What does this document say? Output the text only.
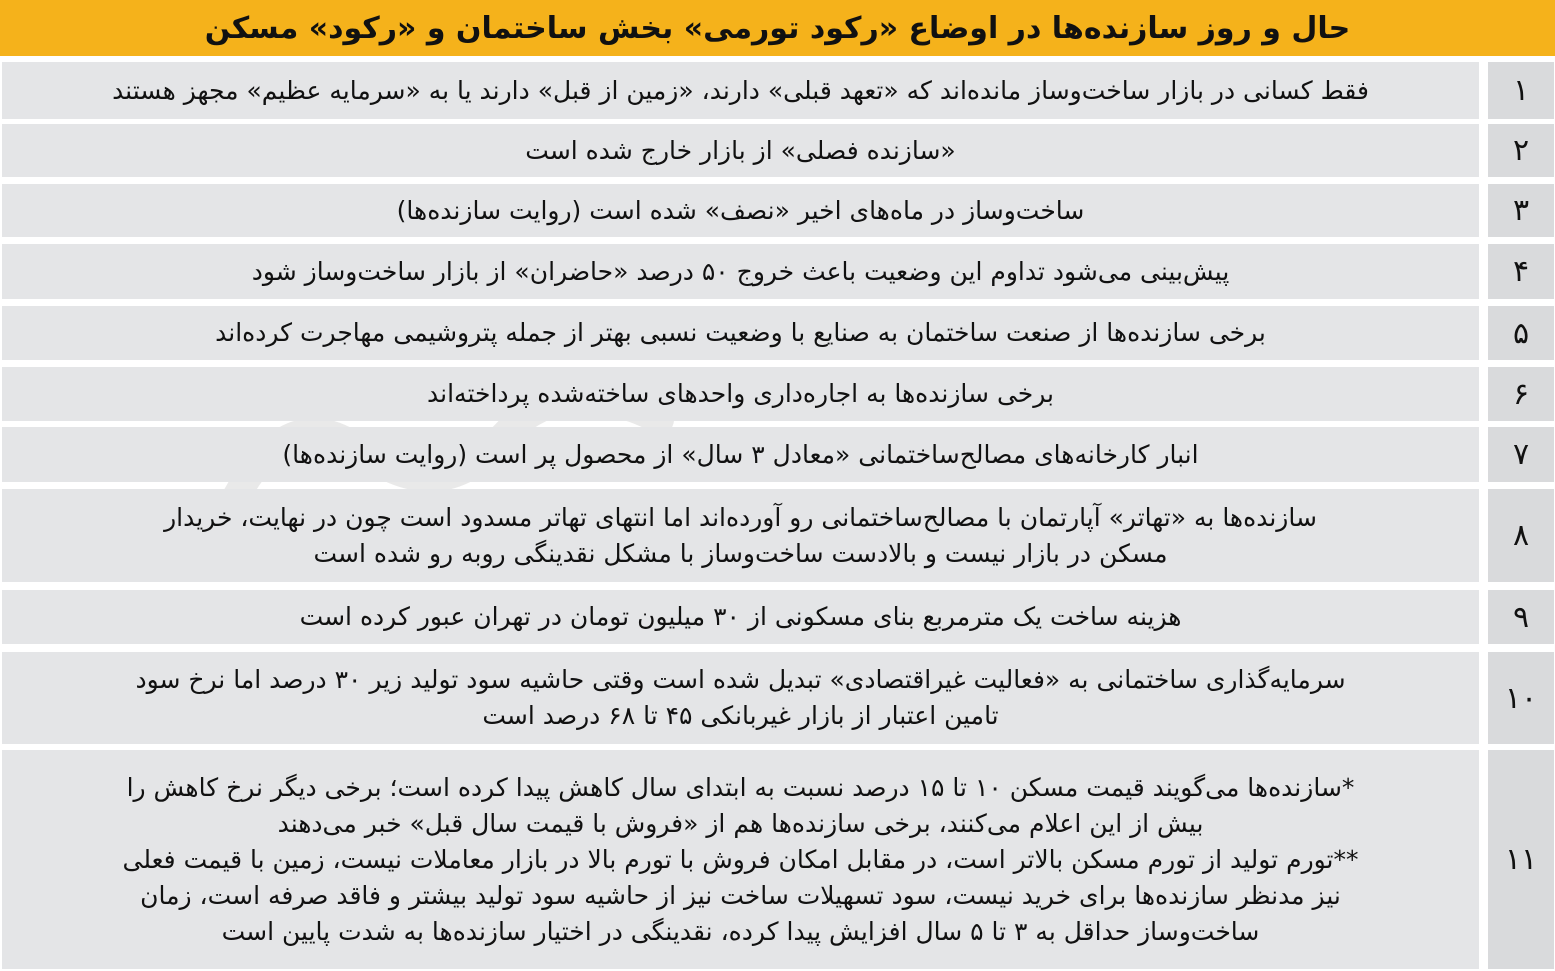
حال و روز سازنده‌ها در اوضاع «رکود تورمی» بخش ساختمان و «رکود» مسکن
۱
فقط کسانی در بازار ساخت‌وساز مانده‌اند که «تعهد قبلی» دارند، «زمین از قبل» دارند یا به «سرمایه عظیم» مجهز هستند
۲
«سازنده فصلی» از بازار خارج شده است
۳
ساخت‌وساز در ماه‌های اخیر «نصف» شده است (روایت سازنده‌ها)
۴
پیش‌بینی می‌شود تداوم این وضعیت باعث خروج ۵۰ درصد «حاضران» از بازار ساخت‌وساز شود
۵
برخی سازنده‌ها از صنعت ساختمان به صنایع با وضعیت نسبی بهتر از جمله پتروشیمی مهاجرت کرده‌اند
۶
برخی سازنده‌ها به اجاره‌داری واحدهای ساخته‌شده پرداخته‌اند
۷
انبار کارخانه‌های مصالح‌ساختمانی «معادل ۳ سال» از محصول پر است (روایت سازنده‌ها)
۸
سازنده‌ها به «تهاتر» آپارتمان با مصالح‌ساختمانی رو آورده‌اند اما انتهای تهاتر مسدود است چون در نهایت، خریدار
مسکن در بازار نیست و بالادست ساخت‌وساز با مشکل نقدینگی روبه رو شده است
۹
هزینه ساخت یک مترمربع بنای مسکونی از ۳۰ میلیون تومان در تهران عبور کرده است
۱۰
سرمایه‌گذاری ساختمانی به «فعالیت غیراقتصادی» تبدیل شده است وقتی حاشیه سود تولید زیر ۳۰ درصد اما نرخ سود
تامین اعتبار از بازار غیربانکی ۴۵ تا ۶۸ درصد است
۱۱
*سازنده‌ها می‌گویند قیمت مسکن ۱۰ تا ۱۵ درصد نسبت به ابتدای سال کاهش پیدا کرده است؛ برخی دیگر نرخ کاهش را
بیش از این اعلام می‌کنند، برخی سازنده‌ها هم از «فروش با قیمت سال قبل» خبر می‌دهند
**تورم تولید از تورم مسکن بالاتر است، در مقابل امکان فروش با تورم بالا در بازار معاملات نیست، زمین با قیمت فعلی
نیز مدنظر سازنده‌ها برای خرید نیست، سود تسهیلات ساخت نیز از حاشیه سود تولید بیشتر و فاقد صرفه است، زمان
ساخت‌وساز حداقل به ۳ تا ۵ سال افزایش پیدا کرده، نقدینگی در اختیار سازنده‌ها به شدت پایین است
